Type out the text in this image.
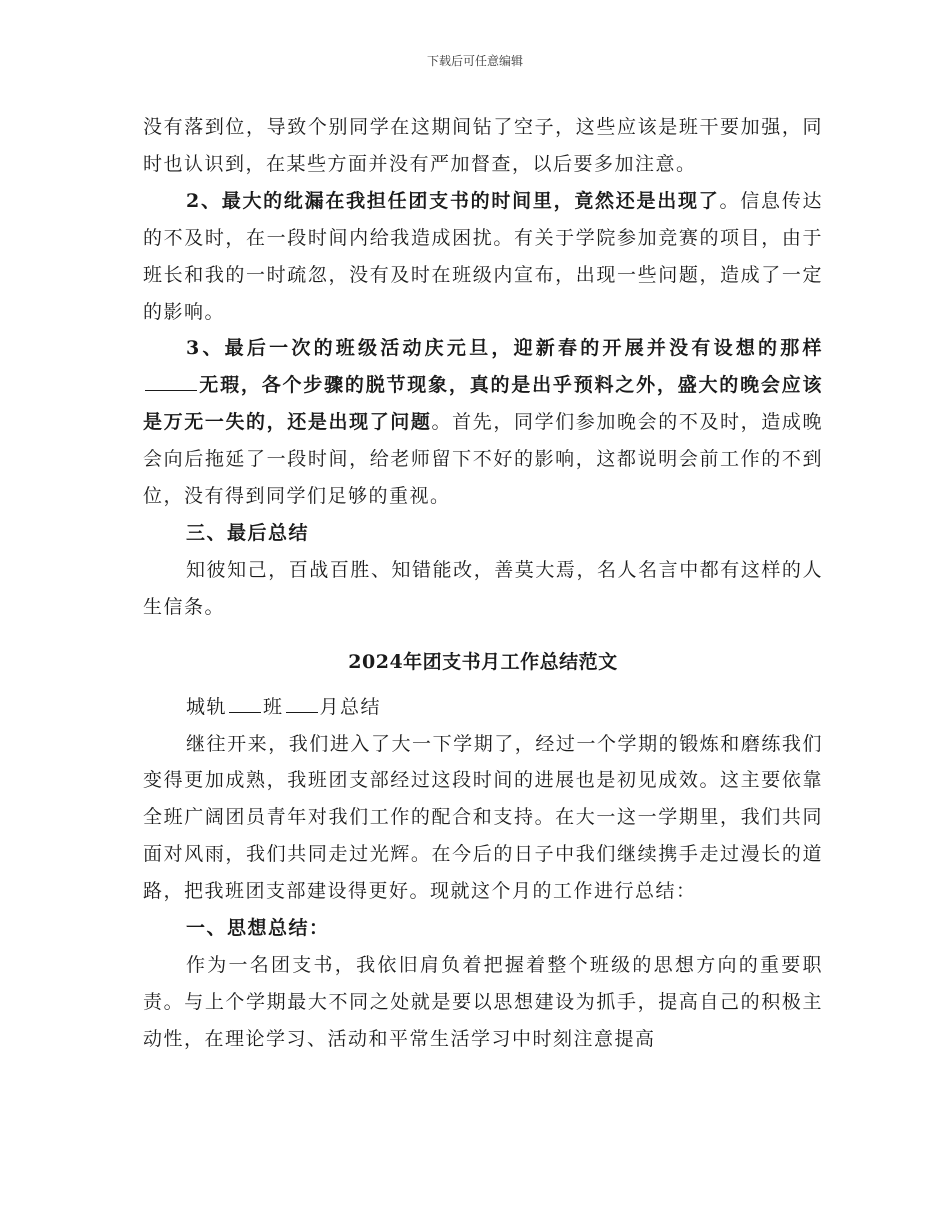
下载后可任意编辑

没有落到位，导致个别同学在这期间钻了空子，这些应该是班干要加强，同时也认识到，在某些方面并没有严加督查，以后要多加注意。

2、最大的纰漏在我担任团支书的时间里，竟然还是出现了。信息传达的不及时，在一段时间内给我造成困扰。有关于学院参加竞赛的项目，由于班长和我的一时疏忽，没有及时在班级内宣布，出现一些问题，造成了一定的影响。

3、最后一次的班级活动庆元旦，迎新春的开展并没有设想的那样无瑕，各个步骤的脱节现象，真的是出乎预料之外，盛大的晚会应该是万无一失的，还是出现了问题。首先，同学们参加晚会的不及时，造成晚会向后拖延了一段时间，给老师留下不好的影响，这都说明会前工作的不到位，没有得到同学们足够的重视。

三、最后总结

知彼知己，百战百胜、知错能改，善莫大焉，名人名言中都有这样的人生信条。

2024年团支书月工作总结范文

城轨 班 月总结

继往开来，我们进入了大一下学期了，经过一个学期的锻炼和磨练我们变得更加成熟，我班团支部经过这段时间的进展也是初见成效。这主要依靠全班广阔团员青年对我们工作的配合和支持。在大一这一学期里，我们共同面对风雨，我们共同走过光辉。在今后的日子中我们继续携手走过漫长的道路，把我班团支部建设得更好。现就这个月的工作进行总结：

一、思想总结：

作为一名团支书，我依旧肩负着把握着整个班级的思想方向的重要职责。与上个学期最大不同之处就是要以思想建设为抓手，提高自己的积极主动性，在理论学习、活动和平常生活学习中时刻注意提高
